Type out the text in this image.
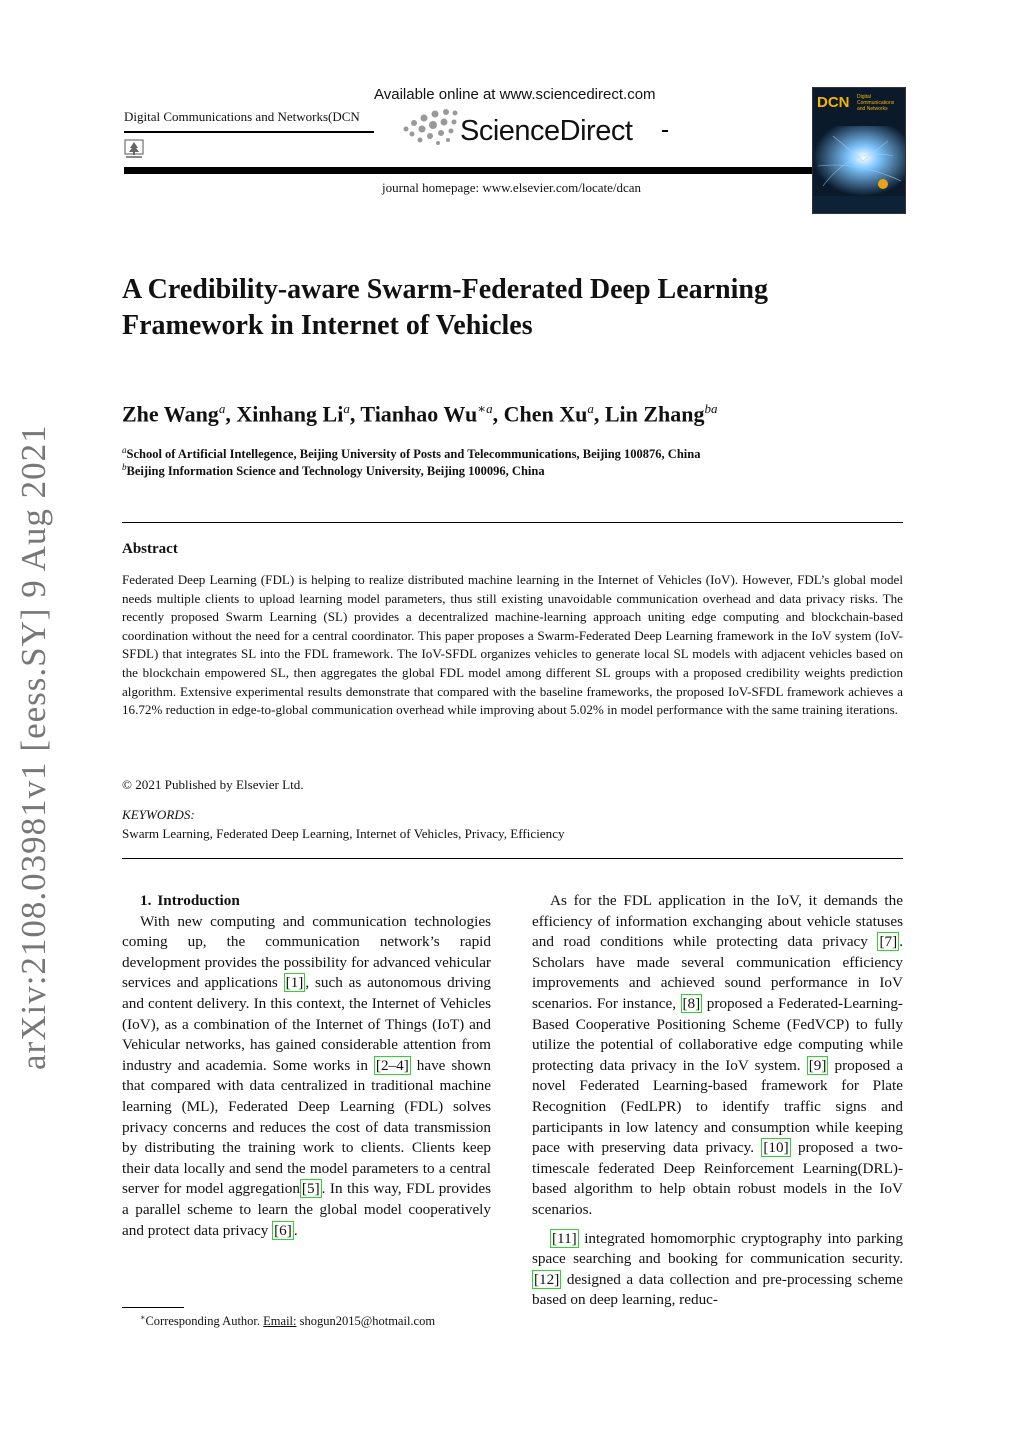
arXiv:2108.03981v1 [eess.SY] 9 Aug 2021
Digital Communications and Networks(DCN
Available online at www.sciencedirect.com
ScienceDirect
journal homepage: www.elsevier.com/locate/dcan
DCN Digital Communications and Networks
A Credibility-aware Swarm-Federated Deep Learning Framework in Internet of Vehicles
Zhe Wang$^a$, Xinhang Li$^a$, Tianhao $Wu^{∗a}$, Chen Xu$^a$, Lin Zhang$^{ba}$
$^a$School of Artificial Intellegence, Beijing University of Posts and Telecommunications, Beijing 100876, China
$^b$Beijing Information Science and Technology University, Beijing 100096, China
Abstract
Federated Deep Learning (FDL) is helping to realize distributed machine learning in the Internet of Vehicles (IoV). However, FDL’s global model needs multiple clients to upload learning model parameters, thus still existing unavoidable communication overhead and data privacy risks. The recently proposed Swarm Learning (SL) provides a decentralized machine-learning approach uniting edge computing and blockchain-based coordination without the need for a central coordinator. This paper proposes a Swarm-Federated Deep Learning framework in the IoV system (IoV-SFDL) that integrates SL into the FDL framework. The IoV-SFDL organizes vehicles to generate local SL models with adjacent vehicles based on the blockchain empowered SL, then aggregates the global FDL model among different SL groups with a proposed credibility weights prediction algorithm. Extensive experimental results demonstrate that compared with the baseline frameworks, the proposed IoV-SFDL framework achieves a 16.72% reduction in edge-to-global communication overhead while improving about 5.02% in model performance with the same training iterations.
© 2021 Published by Elsevier Ltd.
KEYWORDS:
Swarm Learning, Federated Deep Learning, Internet of Vehicles, Privacy, Efficiency

1. Introduction

With new computing and communication technologies coming up, the communication network’s rapid development provides the possibility for advanced vehicular services and applications [1] , such as autonomous driving and content delivery. In this context, the Internet of Vehicles (IoV), as a combination of the Internet of Things (IoT) and Vehicular networks, has gained considerable attention from industry and academia. Some works in [2–4] have shown that compared with data centralized in traditional machine learning (ML), Federated Deep Learning (FDL) solves privacy concerns and reduces the cost of data transmission by distributing the training work to clients. Clients keep their data locally and send the model parameters to a central server for model aggregation [5] . In this way, FDL provides a parallel scheme to learn the global model cooperatively and protect data privacy [6] .

As for the FDL application in the IoV, it demands the efficiency of information exchanging about vehicle statuses and road conditions while protecting data privacy [7] . Scholars have made several communication efficiency improvements and achieved sound performance in IoV scenarios. For instance, [8] proposed a Federated-Learning-Based Cooperative Positioning Scheme (FedVCP) to fully utilize the potential of collaborative edge computing while protecting data privacy in the IoV system. [9] proposed a novel Federated Learning-based framework for Plate Recognition (FedLPR) to identify traffic signs and participants in low latency and consumption while keeping pace with preserving data privacy. [10] proposed a two-timescale federated Deep Reinforcement Learning(DRL)-based algorithm to help obtain robust models in the IoV scenarios.

[11] integrated homomorphic cryptography into parking space searching and booking for communication security. [12] designed a data collection and pre-processing scheme based on deep learning, reduc-

∗Corresponding Author. Email: shogun2015@hotmail.com
